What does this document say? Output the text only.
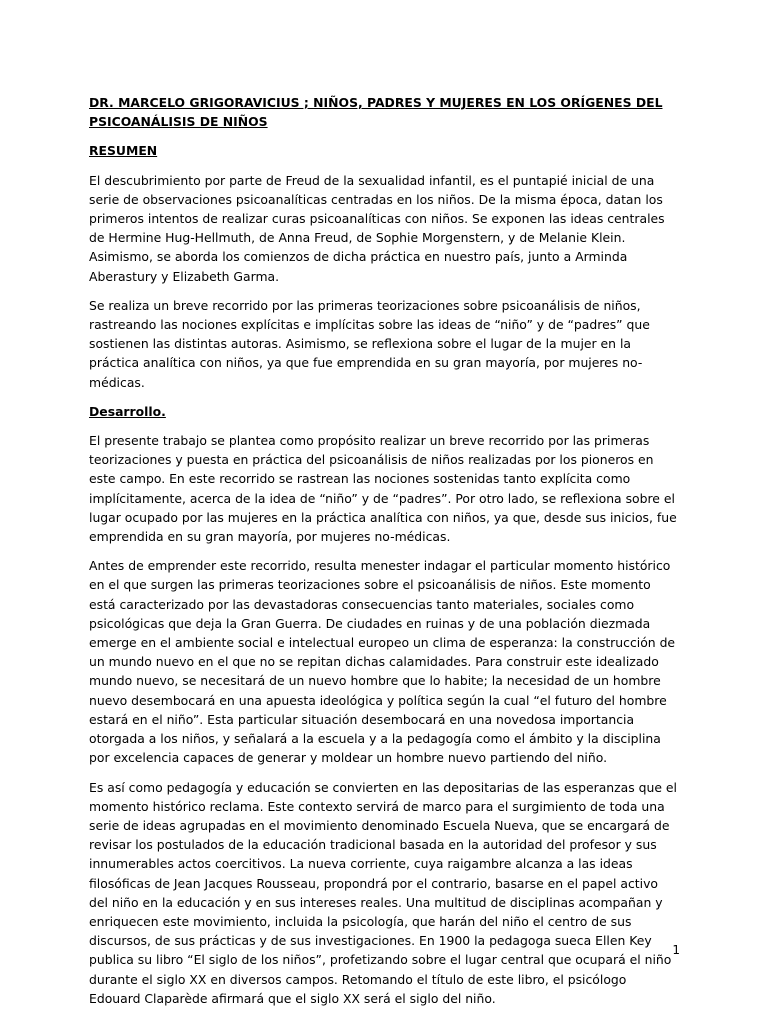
DR. MARCELO GRIGORAVICIUS ; NIÑOS, PADRES Y MUJERES EN LOS ORÍGENES DEL PSICOANÁLISIS DE NIÑOS
RESUMEN

El descubrimiento por parte de Freud de la sexualidad infantil, es el puntapié inicial de una serie de observaciones psicoanalíticas centradas en los niños. De la misma época, datan los primeros intentos de realizar curas psicoanalíticas con niños. Se exponen las ideas centrales de Hermine Hug-Hellmuth, de Anna Freud, de Sophie Morgenstern, y de Melanie Klein. Asimismo, se aborda los comienzos de dicha práctica en nuestro país, junto a Arminda Aberastury y Elizabeth Garma.

Se realiza un breve recorrido por las primeras teorizaciones sobre psicoanálisis de niños, rastreando las nociones explícitas e implícitas sobre las ideas de “niño” y de “padres” que sostienen las distintas autoras. Asimismo, se reflexiona sobre el lugar de la mujer en la práctica analítica con niños, ya que fue emprendida en su gran mayoría, por mujeres no-médicas.

Desarrollo.

El presente trabajo se plantea como propósito realizar un breve recorrido por las primeras teorizaciones y puesta en práctica del psicoanálisis de niños realizadas por los pioneros en este campo. En este recorrido se rastrean las nociones sostenidas tanto explícita como implícitamente, acerca de la idea de “niño” y de “padres”. Por otro lado, se reflexiona sobre el lugar ocupado por las mujeres en la práctica analítica con niños, ya que, desde sus inicios, fue emprendida en su gran mayoría, por mujeres no-médicas.

Antes de emprender este recorrido, resulta menester indagar el particular momento histórico en el que surgen las primeras teorizaciones sobre el psicoanálisis de niños. Este momento está caracterizado por las devastadoras consecuencias tanto materiales, sociales como psicológicas que deja la Gran Guerra. De ciudades en ruinas y de una población diezmada emerge en el ambiente social e intelectual europeo un clima de esperanza: la construcción de un mundo nuevo en el que no se repitan dichas calamidades. Para construir este idealizado mundo nuevo, se necesitará de un nuevo hombre que lo habite; la necesidad de un hombre nuevo desembocará en una apuesta ideológica y política según la cual “el futuro del hombre estará en el niño”. Esta particular situación desembocará en una novedosa importancia otorgada a los niños, y señalará a la escuela y a la pedagogía como el ámbito y la disciplina por excelencia capaces de generar y moldear un hombre nuevo partiendo del niño.

Es así como pedagogía y educación se convierten en las depositarias de las esperanzas que el momento histórico reclama. Este contexto servirá de marco para el surgimiento de toda una serie de ideas agrupadas en el movimiento denominado Escuela Nueva, que se encargará de revisar los postulados de la educación tradicional basada en la autoridad del profesor y sus innumerables actos coercitivos. La nueva corriente, cuya raigambre alcanza a las ideas filosóficas de Jean Jacques Rousseau, propondrá por el contrario, basarse en el papel activo del niño en la educación y en sus intereses reales. Una multitud de disciplinas acompañan y enriquecen este movimiento, incluida la psicología, que harán del niño el centro de sus discursos, de sus prácticas y de sus investigaciones. En 1900 la pedagoga sueca Ellen Key publica su libro “El siglo de los niños”, profetizando sobre el lugar central que ocupará el niño durante el siglo XX en diversos campos. Retomando el título de este libro, el psicólogo Edouard Claparède afirmará que el siglo XX será el siglo del niño.

1
